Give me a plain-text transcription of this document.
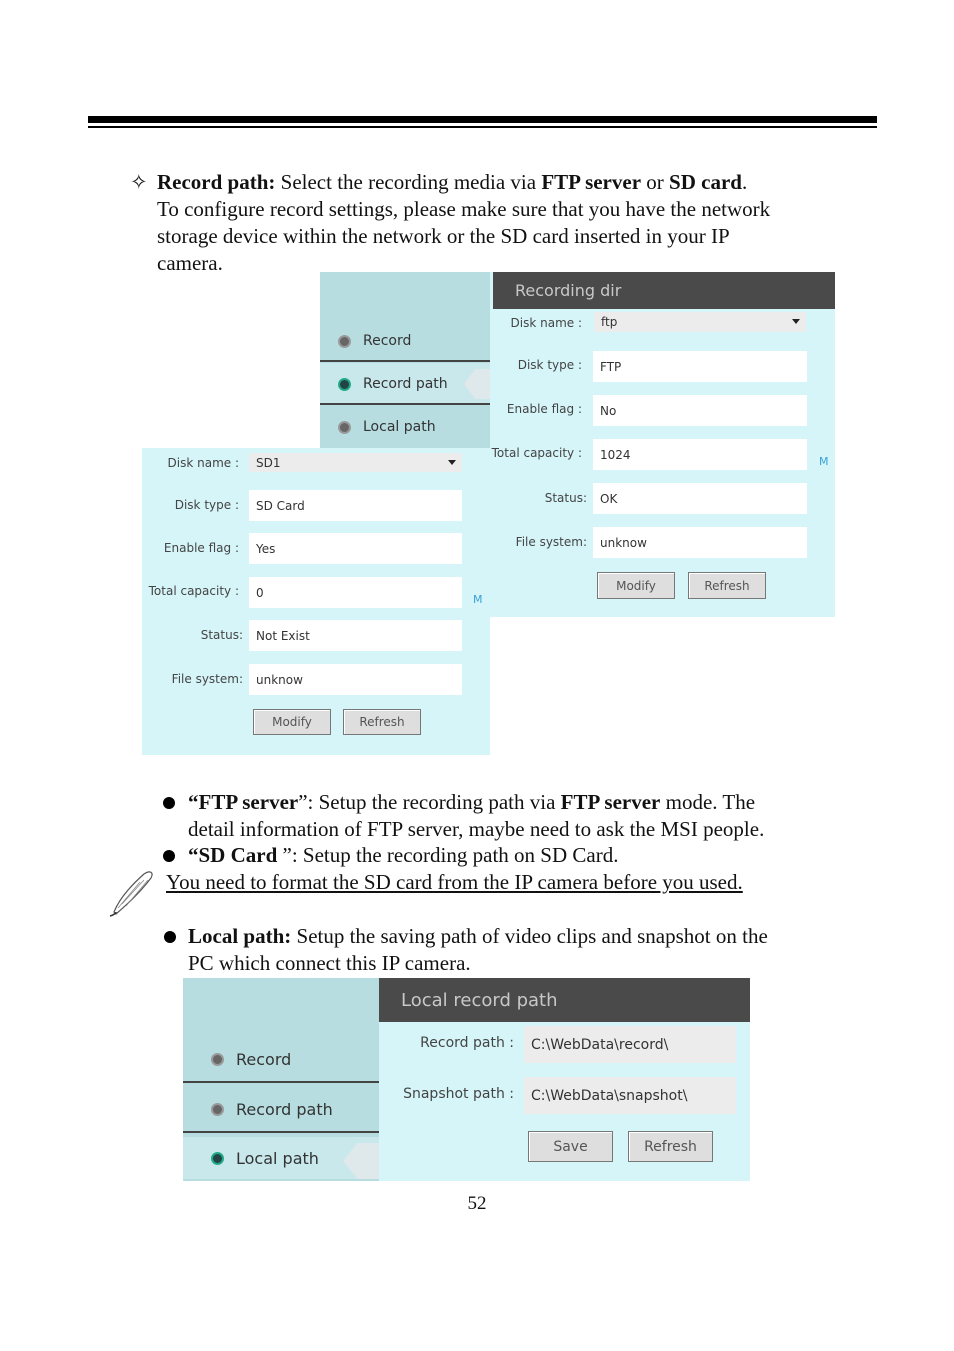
✧ Record path: Select the recording media via FTP server or SD card.
To configure record settings, please make sure that you have the network
storage device within the network or the SD card inserted in your IP
camera.
Record
Record path
Local path
Recording dir
Disk name : ftp
Disk type :	FTP
Enable flag :	No
Total capacity :	1024	M
Status:	OK
File system:	unknow
Modify	Refresh
Disk name : SD1
Disk type :	SD Card
Enable flag :	Yes
Total capacity :	0	M
Status:	Not Exist
File system:	unknow
Modify	Refresh
“FTP server”: Setup the recording path via FTP server mode. The
detail information of FTP server, maybe need to ask the MSI people.
“SD Card ”: Setup the recording path on SD Card.
You need to format the SD card from the IP camera before you used.
Local path: Setup the saving path of video clips and snapshot on the
PC which connect this IP camera.
Record
Record path
Local path
Local record path
Record path :	C:\WebData\record\
Snapshot path :	C:\WebData\snapshot\
Save	Refresh
52
